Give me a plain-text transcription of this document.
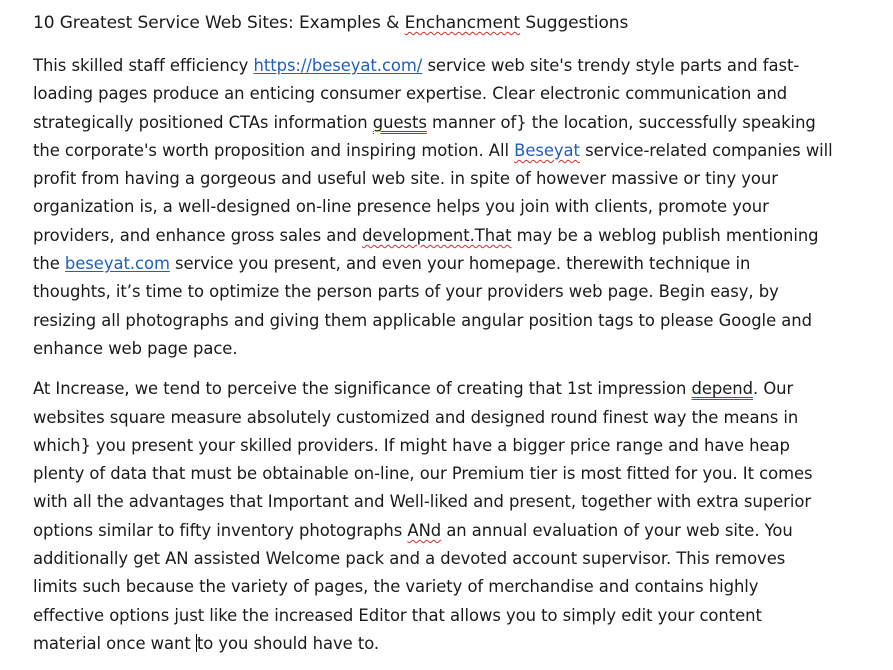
10 Greatest Service Web Sites: Examples & Enchancment Suggestions

This skilled staff efficiency https://beseyat.com/ service web site's trendy style parts and fast-loading pages produce an enticing consumer expertise. Clear electronic communication and strategically positioned CTAs information guests manner of} the location, successfully speaking the corporate's worth proposition and inspiring motion. All Beseyat service-related companies will profit from having a gorgeous and useful web site. in spite of however massive or tiny your organization is, a well-designed on-line presence helps you join with clients, promote your providers, and enhance gross sales and development.That may be a weblog publish mentioning the beseyat.com service you present, and even your homepage. therewith technique in thoughts, it’s time to optimize the person parts of your providers web page. Begin easy, by resizing all photographs and giving them applicable angular position tags to please Google and enhance web page pace.

At Increase, we tend to perceive the significance of creating that 1st impression depend. Our websites square measure absolutely customized and designed round finest way the means in which} you present your skilled providers. If might have a bigger price range and have heap plenty of data that must be obtainable on-line, our Premium tier is most fitted for you. It comes with all the advantages that Important and Well-liked and present, together with extra superior options similar to fifty inventory photographs ANd an annual evaluation of your web site. You additionally get AN assisted Welcome pack and a devoted account supervisor. This removes limits such because the variety of pages, the variety of merchandise and contains highly effective options just like the increased Editor that allows you to simply edit your content material once want to you should have to.
